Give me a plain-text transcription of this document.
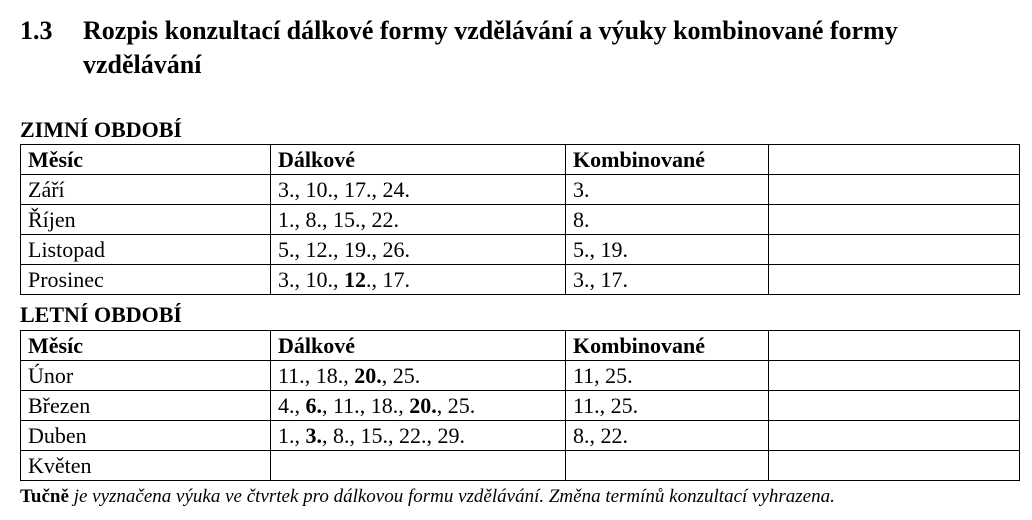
1.3 Rozpis konzultací dálkové formy vzdělávání a výuky kombinované formy vzdělávání
ZIMNÍ OBDOBÍ
Měsíc	Dálkové	Kombinované	
Září	3., 10., 17., 24.	3.	
Říjen	1., 8., 15., 22.	8.	
Listopad	5., 12., 19., 26.	5., 19.	
Prosinec	3., 10., 12., 17.	3., 17.	
LETNÍ OBDOBÍ
Měsíc	Dálkové	Kombinované	
Únor	11., 18., 20., 25.	11, 25.	
Březen	4., 6., 11., 18., 20., 25.	11., 25.	
Duben	1., 3., 8., 15., 22., 29.	8., 22.	
Květen			
Tučně je vyznačena výuka ve čtvrtek pro dálkovou formu vzdělávání. Změna termínů konzultací vyhrazena.
